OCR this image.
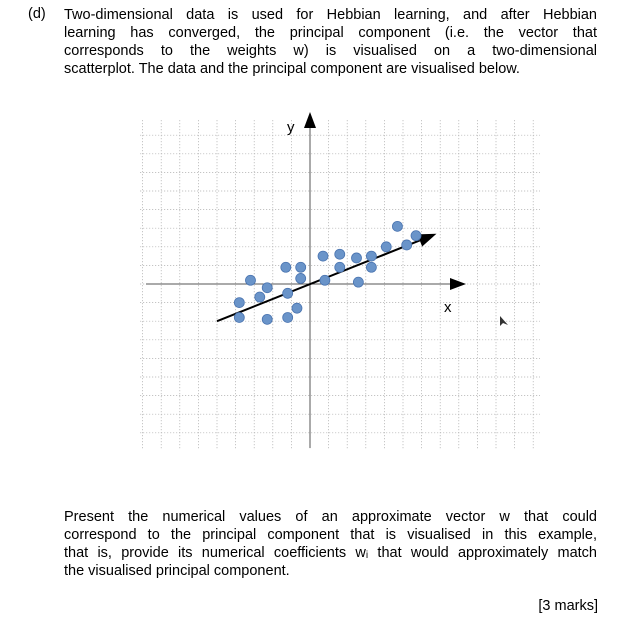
(d) Two-dimensional data is used for Hebbian learning, and after Hebbian
learning has converged, the principal component (i.e. the vector that
corresponds to the weights w) is visualised on a two-dimensional
scatterplot. The data and the principal component are visualised below.
y
x
Present the numerical values of an approximate vector w that could
correspond to the principal component that is visualised in this example,
that is, provide its numerical coefficients wᵢ that would approximately match
the visualised principal component.
[3 marks]
